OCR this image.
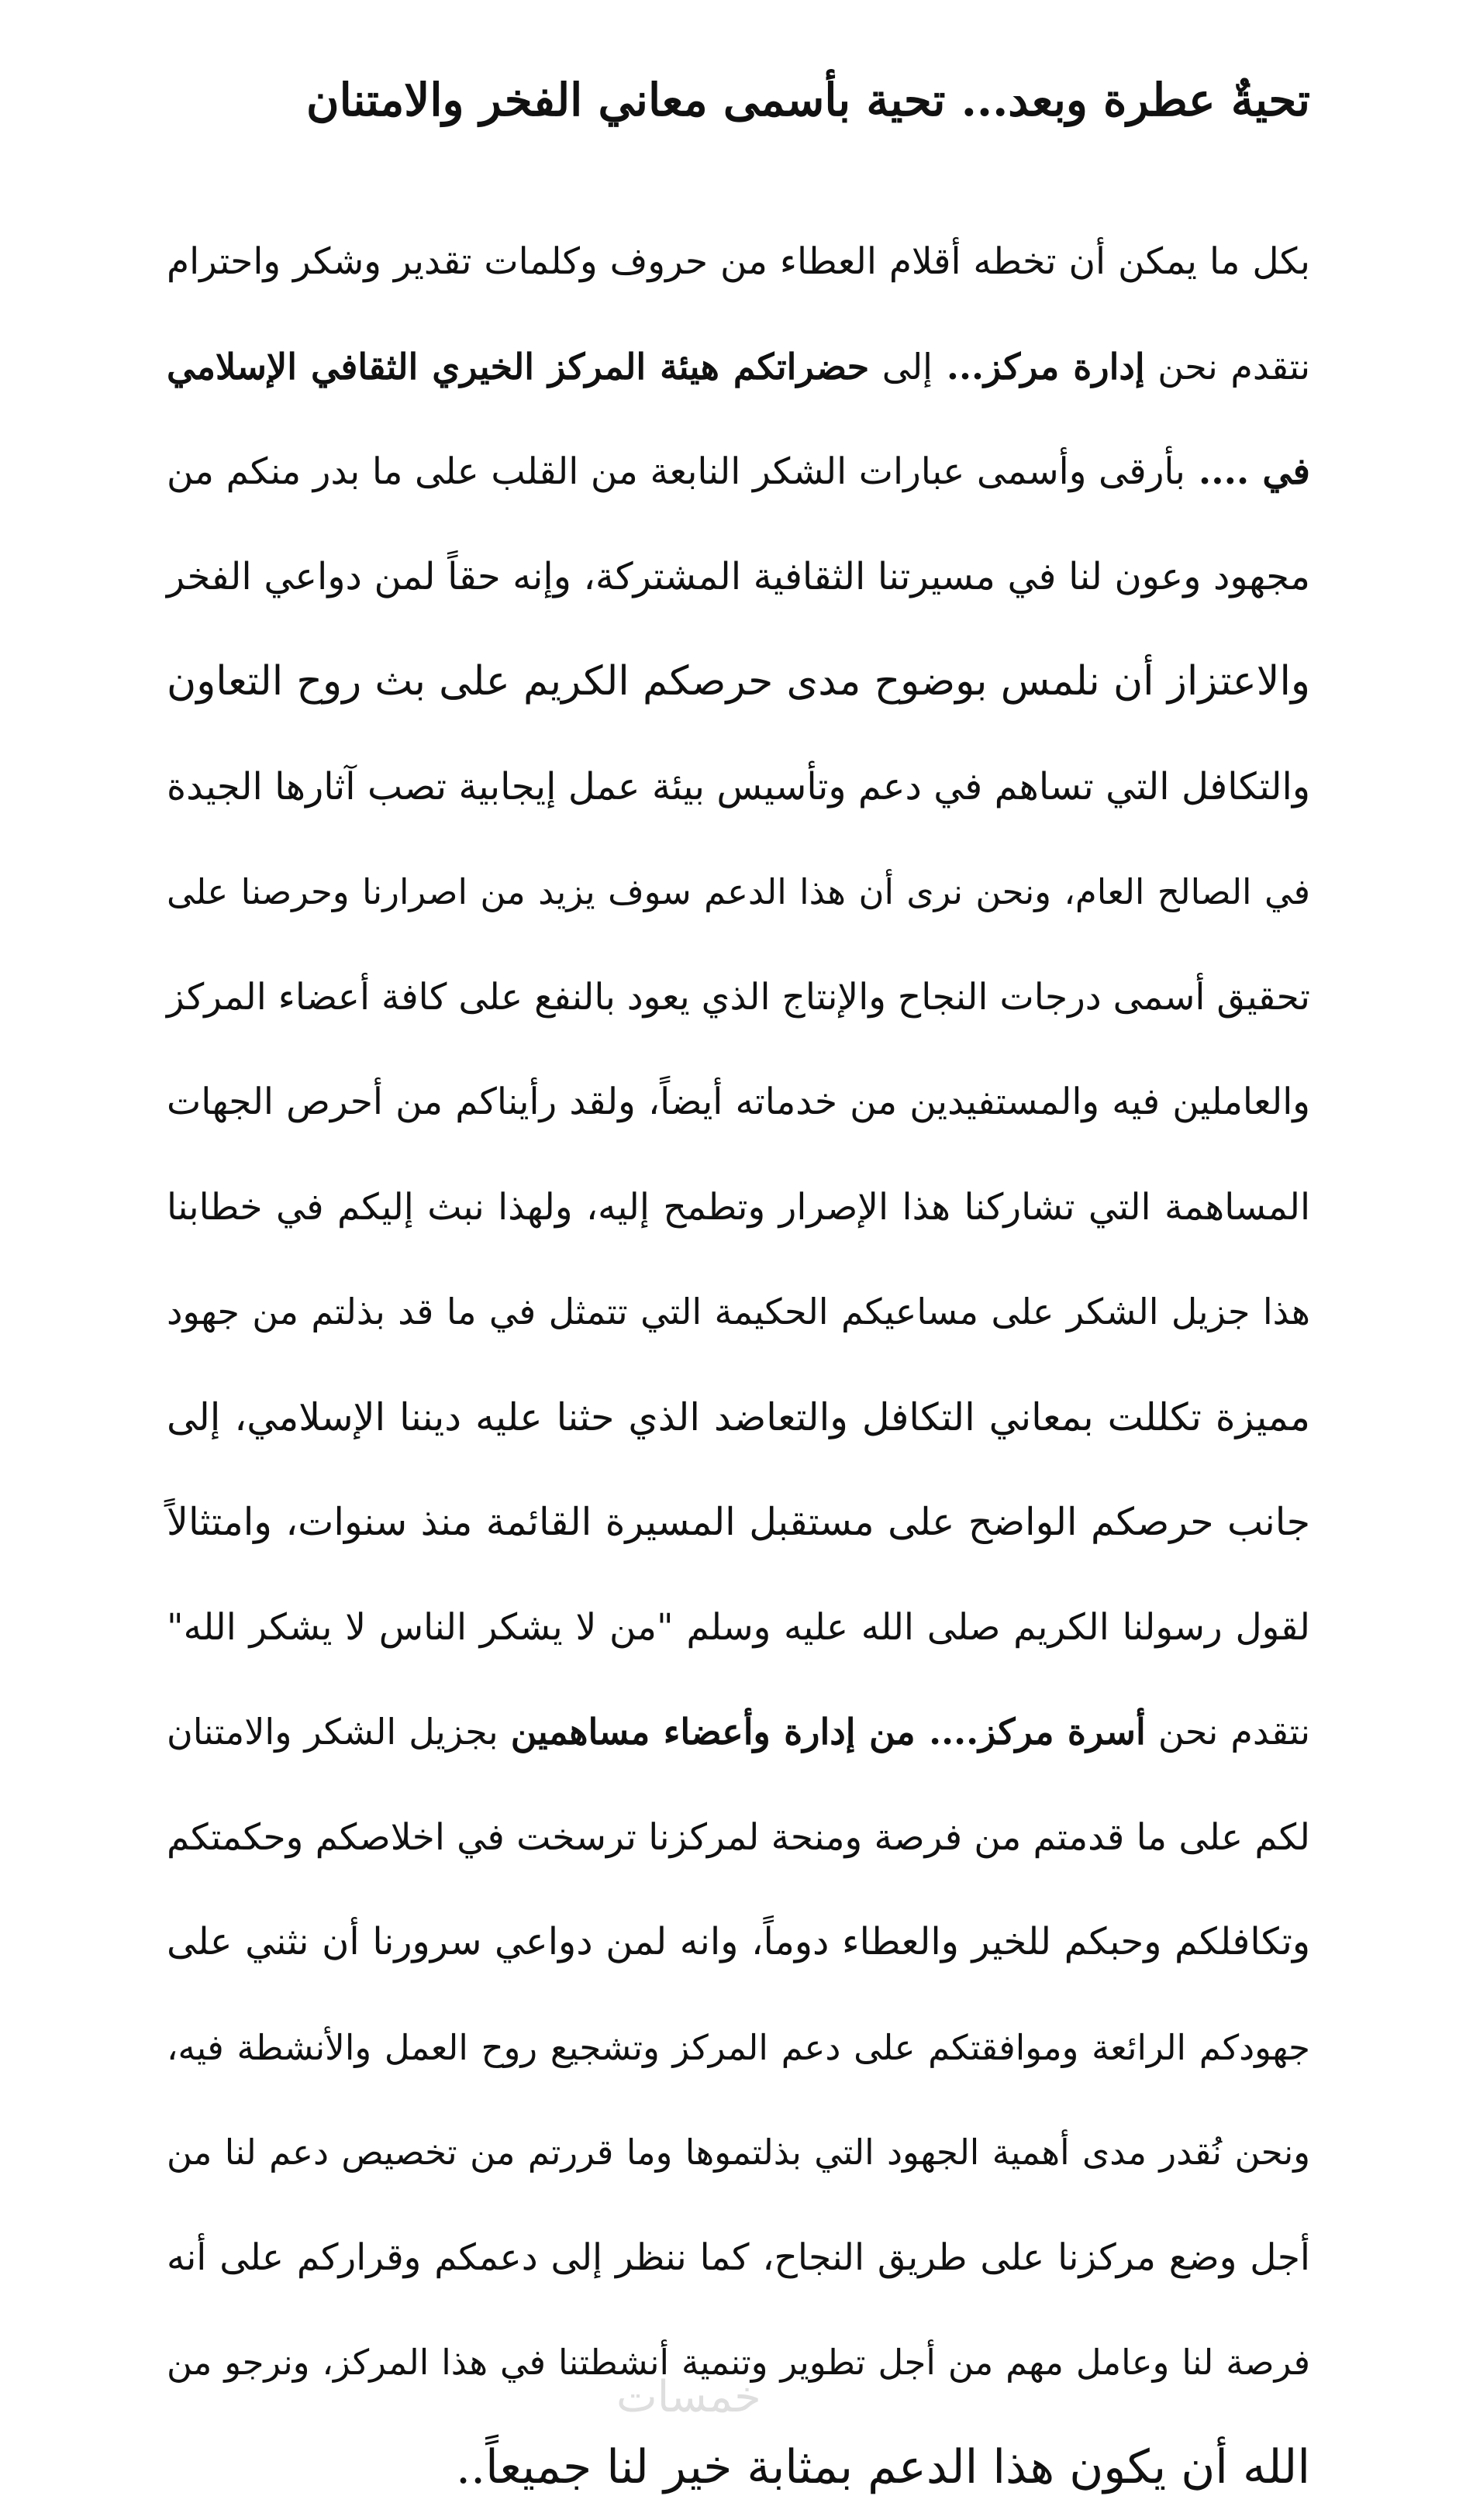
تحيةٌ عطرة وبعد... تحية بأسمى معاني الفخر والامتنان
بكل ما يمكن أن تخطه أقلام العطاء من حروف وكلمات تقدير وشكر واحترام
نتقدم نحن إدارة مركز... إلى حضراتكم هيئة المركز الخيري الثقافي الإسلامي
في .... بأرقى وأسمى عبارات الشكر النابعة من القلب على ما بدر منكم من
مجهود وعون لنا في مسيرتنا الثقافية المشتركة، وإنه حقاً لمن دواعي الفخر
والاعتزاز أن نلمس بوضوح مدى حرصكم الكريم على بث روح التعاون
والتكافل التي تساهم في دعم وتأسيس بيئة عمل إيجابية تصب آثارها الجيدة
في الصالح العام، ونحن نرى أن هذا الدعم سوف يزيد من اصرارنا وحرصنا على
تحقيق أسمى درجات النجاح والإنتاج الذي يعود بالنفع على كافة أعضاء المركز
والعاملين فيه والمستفيدين من خدماته أيضاً، ولقد رأيناكم من أحرص الجهات
المساهمة التي تشاركنا هذا الإصرار وتطمح إليه، ولهذا نبث إليكم في خطابنا
هذا جزيل الشكر على مساعيكم الحكيمة التي تتمثل في ما قد بذلتم من جهود
مميزة تكللت بمعاني التكافل والتعاضد الذي حثنا عليه ديننا الإسلامي، إلى
جانب حرصكم الواضح على مستقبل المسيرة القائمة منذ سنوات، وامتثالاً
لقول رسولنا الكريم صلى الله عليه وسلم "من لا يشكر الناس لا يشكر الله"
نتقدم نحن أسرة مركز.... من إدارة وأعضاء مساهمين بجزيل الشكر والامتنان
لكم على ما قدمتم من فرصة ومنحة لمركزنا ترسخت في اخلاصكم وحكمتكم
وتكافلكم وحبكم للخير والعطاء دوماً، وانه لمن دواعي سرورنا أن نثني على
جهودكم الرائعة وموافقتكم على دعم المركز وتشجيع روح العمل والأنشطة فيه،
ونحن نُقدر مدى أهمية الجهود التي بذلتموها وما قررتم من تخصيص دعم لنا من
أجل وضع مركزنا على طريق النجاح، كما ننظر إلى دعمكم وقراركم على أنه
فرصة لنا وعامل مهم من أجل تطوير وتنمية أنشطتنا في هذا المركز، ونرجو من
الله أن يكون هذا الدعم بمثابة خير لنا جميعاً..
خمسات
